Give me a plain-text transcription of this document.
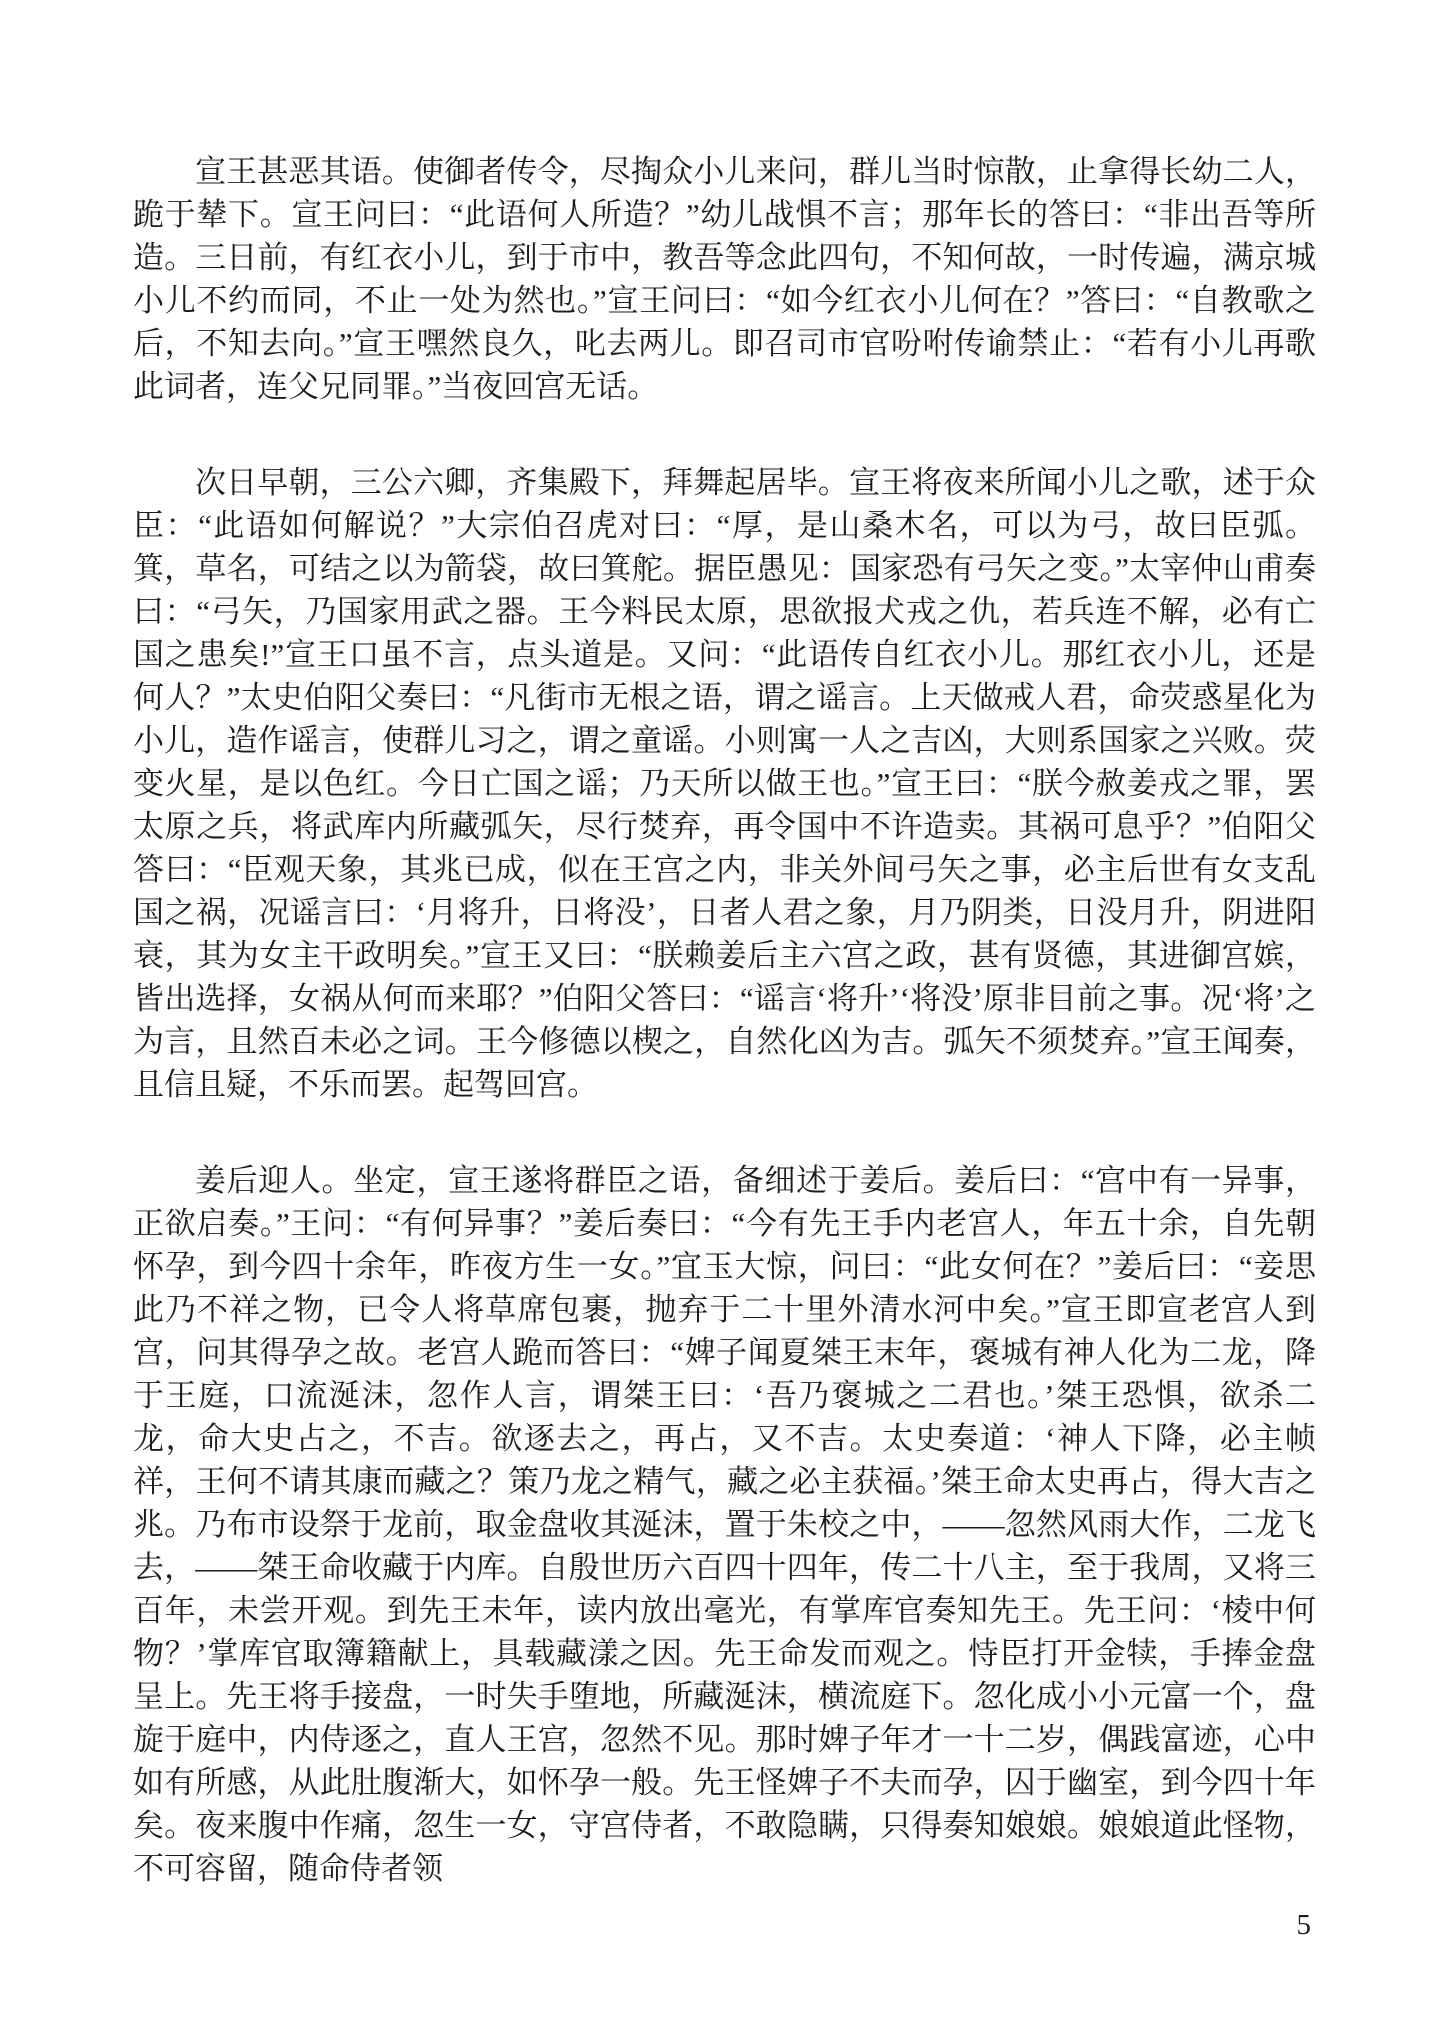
宣王甚恶其语。使御者传令，尽掏众小儿来问，群儿当时惊散，止拿得长幼二人，跪于辇下。宣王问曰：“此语何人所造？”幼儿战惧不言；那年长的答曰：“非出吾等所造。三日前，有红衣小儿，到于市中，教吾等念此四句，不知何故，一时传遍，满京城小儿不约而同，不止一处为然也。”宣王问曰：“如今红衣小儿何在？”答曰：“自教歌之后，不知去向。”宣王嘿然良久，叱去两儿。即召司市官吩咐传谕禁止：“若有小儿再歌此词者，连父兄同罪。”当夜回宫无话。

次日早朝，三公六卿，齐集殿下，拜舞起居毕。宣王将夜来所闻小儿之歌，述于众臣：“此语如何解说？”大宗伯召虎对曰：“厚，是山桑木名，可以为弓，故曰臣弧。箕，草名，可结之以为箭袋，故曰箕舵。据臣愚见：国家恐有弓矢之变。”太宰仲山甫奏曰：“弓矢，乃国家用武之器。王今料民太原，思欲报犬戎之仇，若兵连不解，必有亡国之患矣!”宣王口虽不言，点头道是。又问：“此语传自红衣小儿。那红衣小儿，还是何人？”太史伯阳父奏曰：“凡街市无根之语，谓之谣言。上天做戒人君，命荧惑星化为小儿，造作谣言，使群儿习之，谓之童谣。小则寓一人之吉凶，大则系国家之兴败。荧变火星，是以色红。今日亡国之谣；乃天所以做王也。”宣王曰：“朕今赦姜戎之罪，罢太原之兵，将武库内所藏弧矢，尽行焚弃，再令国中不许造卖。其祸可息乎？”伯阳父答曰：“臣观天象，其兆已成，似在王宫之内，非关外间弓矢之事，必主后世有女支乱国之祸，况谣言曰：‘月将升，日将没’，日者人君之象，月乃阴类，日没月升，阴进阳衰，其为女主干政明矣。”宣王又曰：“朕赖姜后主六宫之政，甚有贤德，其进御宫嫔，皆出选择，女祸从何而来耶？”伯阳父答曰：“谣言‘将升’‘将没’原非目前之事。况‘将’之为言，且然百未必之词。王今修德以楔之，自然化凶为吉。弧矢不须焚弃。”宣王闻奏，且信且疑，不乐而罢。起驾回宫。

姜后迎人。坐定，宣王遂将群臣之语，备细述于姜后。姜后曰：“宫中有一异事，正欲启奏。”王问：“有何异事？”姜后奏曰：“今有先王手内老宫人，年五十余，自先朝怀孕，到今四十余年，昨夜方生一女。”宜玉大惊，问曰：“此女何在？”姜后曰：“妾思此乃不祥之物，已令人将草席包裹，抛弃于二十里外清水河中矣。”宣王即宣老宫人到宫，问其得孕之故。老宫人跪而答曰：“婢子闻夏桀王末年，褒城有神人化为二龙，降于王庭，口流涎沫，忽作人言，谓桀王曰：‘吾乃褒城之二君也。’桀王恐惧，欲杀二龙，命大史占之，不吉。欲逐去之，再占，又不吉。太史奏道：‘神人下降，必主帧祥，王何不请其康而藏之？策乃龙之精气，藏之必主获福。’桀王命太史再占，得大吉之兆。乃布市设祭于龙前，取金盘收其涎沫，置于朱校之中，——忽然风雨大作，二龙飞去，——桀王命收藏于内库。自殷世历六百四十四年，传二十八主，至于我周，又将三百年，未尝开观。到先王未年，读内放出毫光，有掌库官奏知先王。先王问：‘棱中何物？’掌库官取簿籍献上，具载藏漾之因。先王命发而观之。恃臣打开金犊，手捧金盘呈上。先王将手接盘，一时失手堕地，所藏涎沫，横流庭下。忽化成小小元富一个，盘旋于庭中，内侍逐之，直人王宫，忽然不见。那时婢子年才一十二岁，偶践富迹，心中如有所感，从此肚腹渐大，如怀孕一般。先王怪婢子不夫而孕，囚于幽室，到今四十年矣。夜来腹中作痛，忽生一女，守宫侍者，不敢隐瞒，只得奏知娘娘。娘娘道此怪物，不可容留，随命侍者领

5
